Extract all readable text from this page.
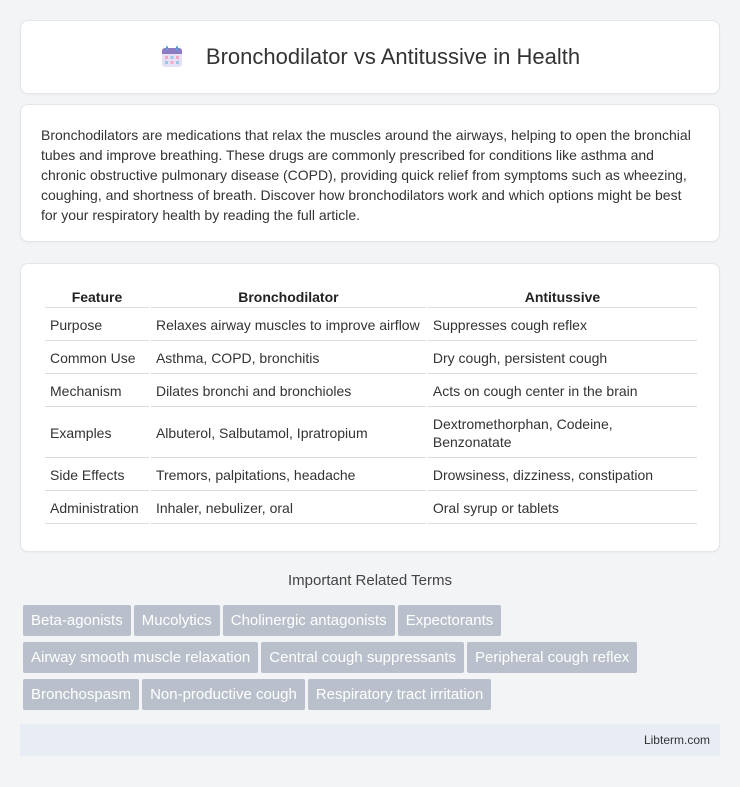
Bronchodilator vs Antitussive in Health

Bronchodilators are medications that relax the muscles around the airways, helping to open the bronchial tubes and improve breathing. These drugs are commonly prescribed for conditions like asthma and chronic obstructive pulmonary disease (COPD), providing quick relief from symptoms such as wheezing, coughing, and shortness of breath. Discover how bronchodilators work and which options might be best for your respiratory health by reading the full article.

Feature	Bronchodilator	Antitussive
Purpose	Relaxes airway muscles to improve airflow	Suppresses cough reflex
Common Use	Asthma, COPD, bronchitis	Dry cough, persistent cough
Mechanism	Dilates bronchi and bronchioles	Acts on cough center in the brain
Examples	Albuterol, Salbutamol, Ipratropium	Dextromethorphan, Codeine, Benzonatate
Side Effects	Tremors, palpitations, headache	Drowsiness, dizziness, constipation
Administration	Inhaler, nebulizer, oral	Oral syrup or tablets
Important Related Terms
Beta-agonists Mucolytics Cholinergic antagonists Expectorants
Airway smooth muscle relaxation Central cough suppressants Peripheral cough reflex
Bronchospasm Non-productive cough Respiratory tract irritation
Libterm.com
